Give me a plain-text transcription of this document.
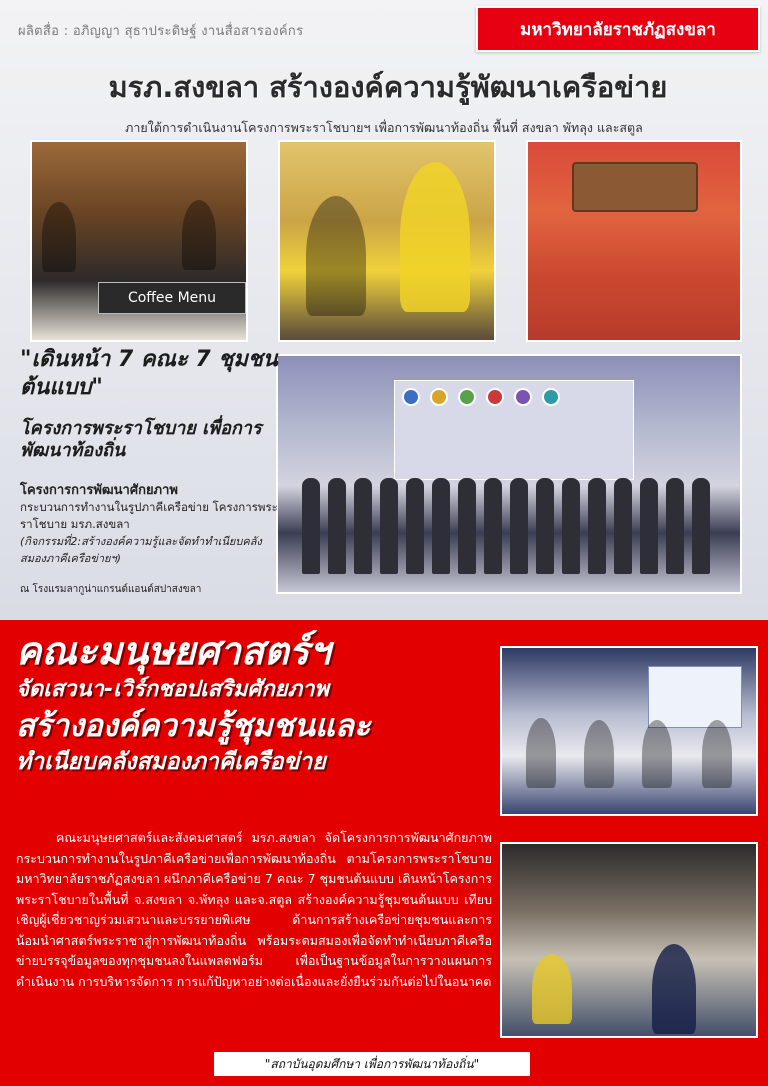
ผลิตสื่อ : อภิญญา สุธาประดิษฐ์ งานสื่อสารองค์กร	มหาวิทยาลัยราชภัฏสงขลา
มรภ.สงขลา สร้างองค์ความรู้พัฒนาเครือข่าย
ภายใต้การดำเนินงานโครงการพระราโชบายฯ เพื่อการพัฒนาท้องถิ่น พื้นที่ สงขลา พัทลุง และสตูล
Coffee Menu
"เดินหน้า 7 คณะ 7 ชุมชนต้นแบบ"
โครงการพระราโชบาย เพื่อการพัฒนาท้องถิ่น
โครงการการพัฒนาศักยภาพ
กระบวนการทำงานในรูปภาคีเครือข่าย โครงการพระราโชบาย มรภ.สงขลา
(กิจกรรมที่2:สร้างองค์ความรู้และจัดทำทำเนียบคลังสมองภาคีเครือข่ายฯ)
ณ โรงแรมลากูน่าแกรนด์แอนด์สปาสงขลา
คณะมนุษยศาสตร์ฯ
จัดเสวนา-เวิร์กชอปเสริมศักยภาพ
สร้างองค์ความรู้ชุมชนและ
ทำเนียบคลังสมองภาคีเครือข่าย
คณะมนุษยศาสตร์และสังคมศาสตร์ มรภ.สงขลา จัดโครงการการพัฒนาศักยภาพกระบวนการทำงานในรูปภาคีเครือข่ายเพื่อการพัฒนาท้องถิ่น ตามโครงการพระราโชบายมหาวิทยาลัยราชภัฏสงขลา ผนึกภาคีเครือข่าย 7 คณะ 7 ชุมชนต้นแบบ เดินหน้าโครงการพระราโชบายในพื้นที่ จ.สงขลา จ.พัทลุง และจ.สตูล สร้างองค์ความรู้ชุมชนต้นแบบ เทียบเชิญผู้เชี่ยวชาญร่วมเสวนาและบรรยายพิเศษ ด้านการสร้างเครือข่ายชุมชนและการน้อมนำศาสตร์พระราชาสู่การพัฒนาท้องถิ่น พร้อมระดมสมองเพื่อจัดทำทำเนียบภาคีเครือข่ายบรรจุข้อมูลของทุกชุมชนลงในแพลตฟอร์ม เพื่อเป็นฐานข้อมูลในการวางแผนการดำเนินงาน การบริหารจัดการ การแก้ปัญหาอย่างต่อเนื่องและยั่งยืนร่วมกันต่อไปในอนาคต
"สถาบันอุดมศึกษา เพื่อการพัฒนาท้องถิ่น"
